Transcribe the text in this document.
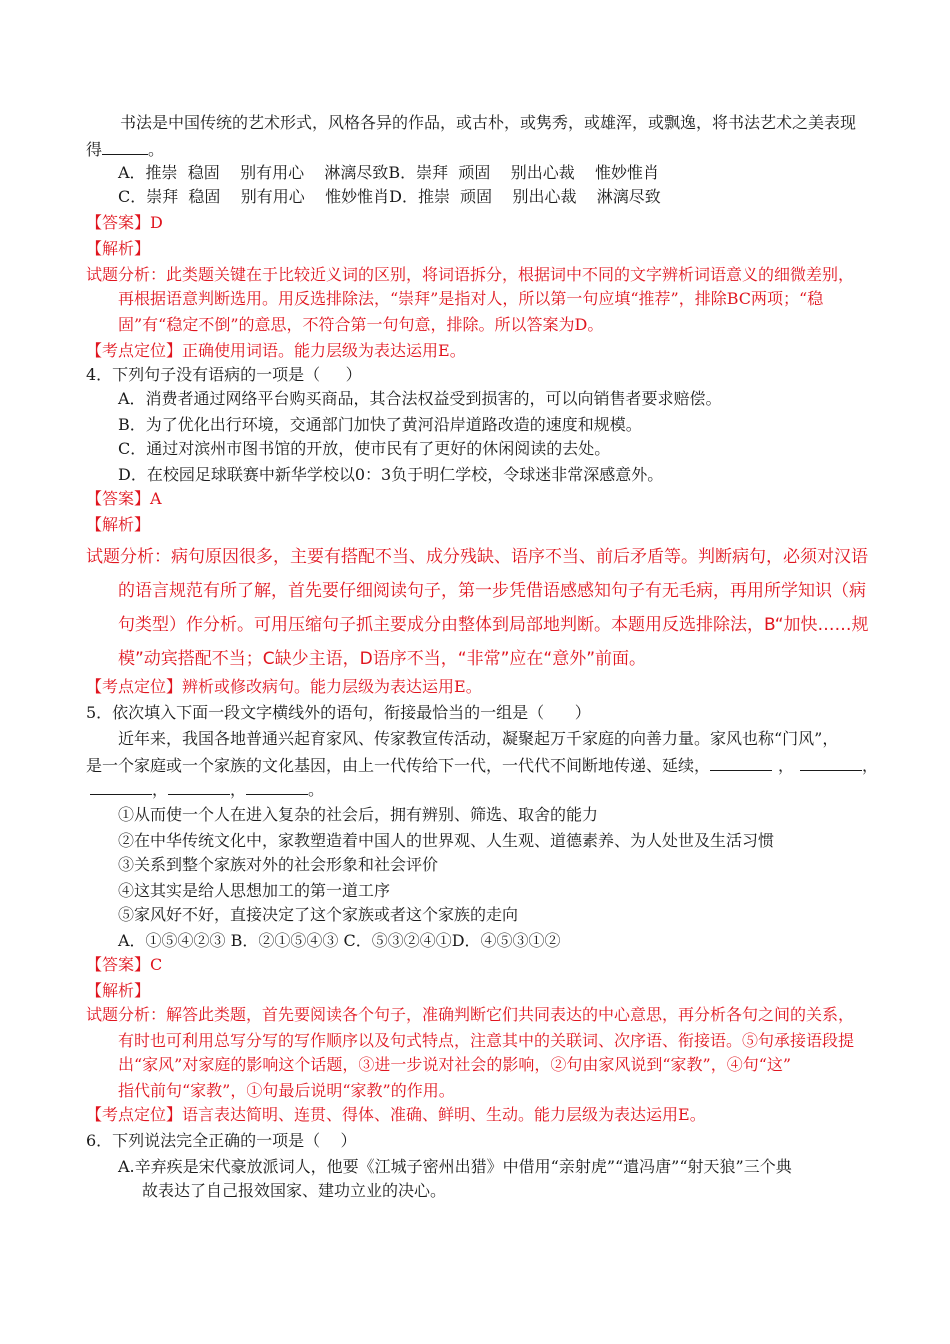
书法是中国传统的艺术形式，风格各异的作品，或古朴，或隽秀，或雄浑，或飘逸，将书法艺术之美表现
得	。
A．推崇  稳固    别有用心    淋漓尽致B．崇拜  顽固    别出心裁    惟妙惟肖
C．崇拜  稳固    别有用心    惟妙惟肖D．推崇  顽固    别出心裁    淋漓尽致
【答案】D
【解析】
试题分析：此类题关键在于比较近义词的区别，将词语拆分，根据词中不同的文字辨析词语意义的细微差别，
再根据语意判断选用。用反选排除法，“崇拜”是指对人，所以第一句应填“推荐”，排除BC两项；“稳
固”有“稳定不倒”的意思，不符合第一句句意，排除。所以答案为D。
【考点定位】正确使用词语。能力层级为表达运用E。
4．下列句子没有语病的一项是（     ）
A．消费者通过网络平台购买商品，其合法权益受到损害的，可以向销售者要求赔偿。
B．为了优化出行环境，交通部门加快了黄河沿岸道路改造的速度和规模。
C．通过对滨州市图书馆的开放，使市民有了更好的休闲阅读的去处。
D．在校园足球联赛中新华学校以0：3负于明仁学校，令球迷非常深感意外。
【答案】A
【解析】
试题分析：病句原因很多，主要有搭配不当、成分残缺、语序不当、前后矛盾等。判断病句，必须对汉语
的语言规范有所了解，首先要仔细阅读句子，第一步凭借语感感知句子有无毛病，再用所学知识（病
句类型）作分析。可用压缩句子抓主要成分由整体到局部地判断。本题用反选排除法，B“加快……规
模”动宾搭配不当；C缺少主语，D语序不当，“非常”应在“意外”前面。
【考点定位】辨析或修改病句。能力层级为表达运用E。
5．依次填入下面一段文字横线外的语句，衔接最恰当的一组是（      ）
近年来，我国各地普通兴起育家风、传家教宣传活动，凝聚起万千家庭的向善力量。家风也称“门风”，
是一个家庭或一个家族的文化基因，由上一代传给下一代，一代代不间断地传递、延续，	，	，
，	，	。
①从而使一个人在进入复杂的社会后，拥有辨别、筛选、取舍的能力
②在中华传统文化中，家教塑造着中国人的世界观、人生观、道德素养、为人处世及生活习惯
③关系到整个家族对外的社会形象和社会评价
④这其实是给人思想加工的第一道工序
⑤家风好不好，直接决定了这个家族或者这个家族的走向
A．①⑤④②③ B．②①⑤④③ C．⑤③②④①D．④⑤③①②
【答案】C
【解析】
试题分析：解答此类题，首先要阅读各个句子，准确判断它们共同表达的中心意思，再分析各句之间的关系，
有时也可利用总写分写的写作顺序以及句式特点，注意其中的关联词、次序语、衔接语。⑤句承接语段提
出“家风”对家庭的影响这个话题，③进一步说对社会的影响，②句由家风说到“家教”，④句“这”
指代前句“家教”，①句最后说明“家教”的作用。
【考点定位】语言表达简明、连贯、得体、准确、鲜明、生动。能力层级为表达运用E。
6．下列说法完全正确的一项是（    ）
A.辛弃疾是宋代豪放派词人，他要《江城子密州出猎》中借用“亲射虎”“遣冯唐”“射天狼”三个典
故表达了自己报效国家、建功立业的决心。
